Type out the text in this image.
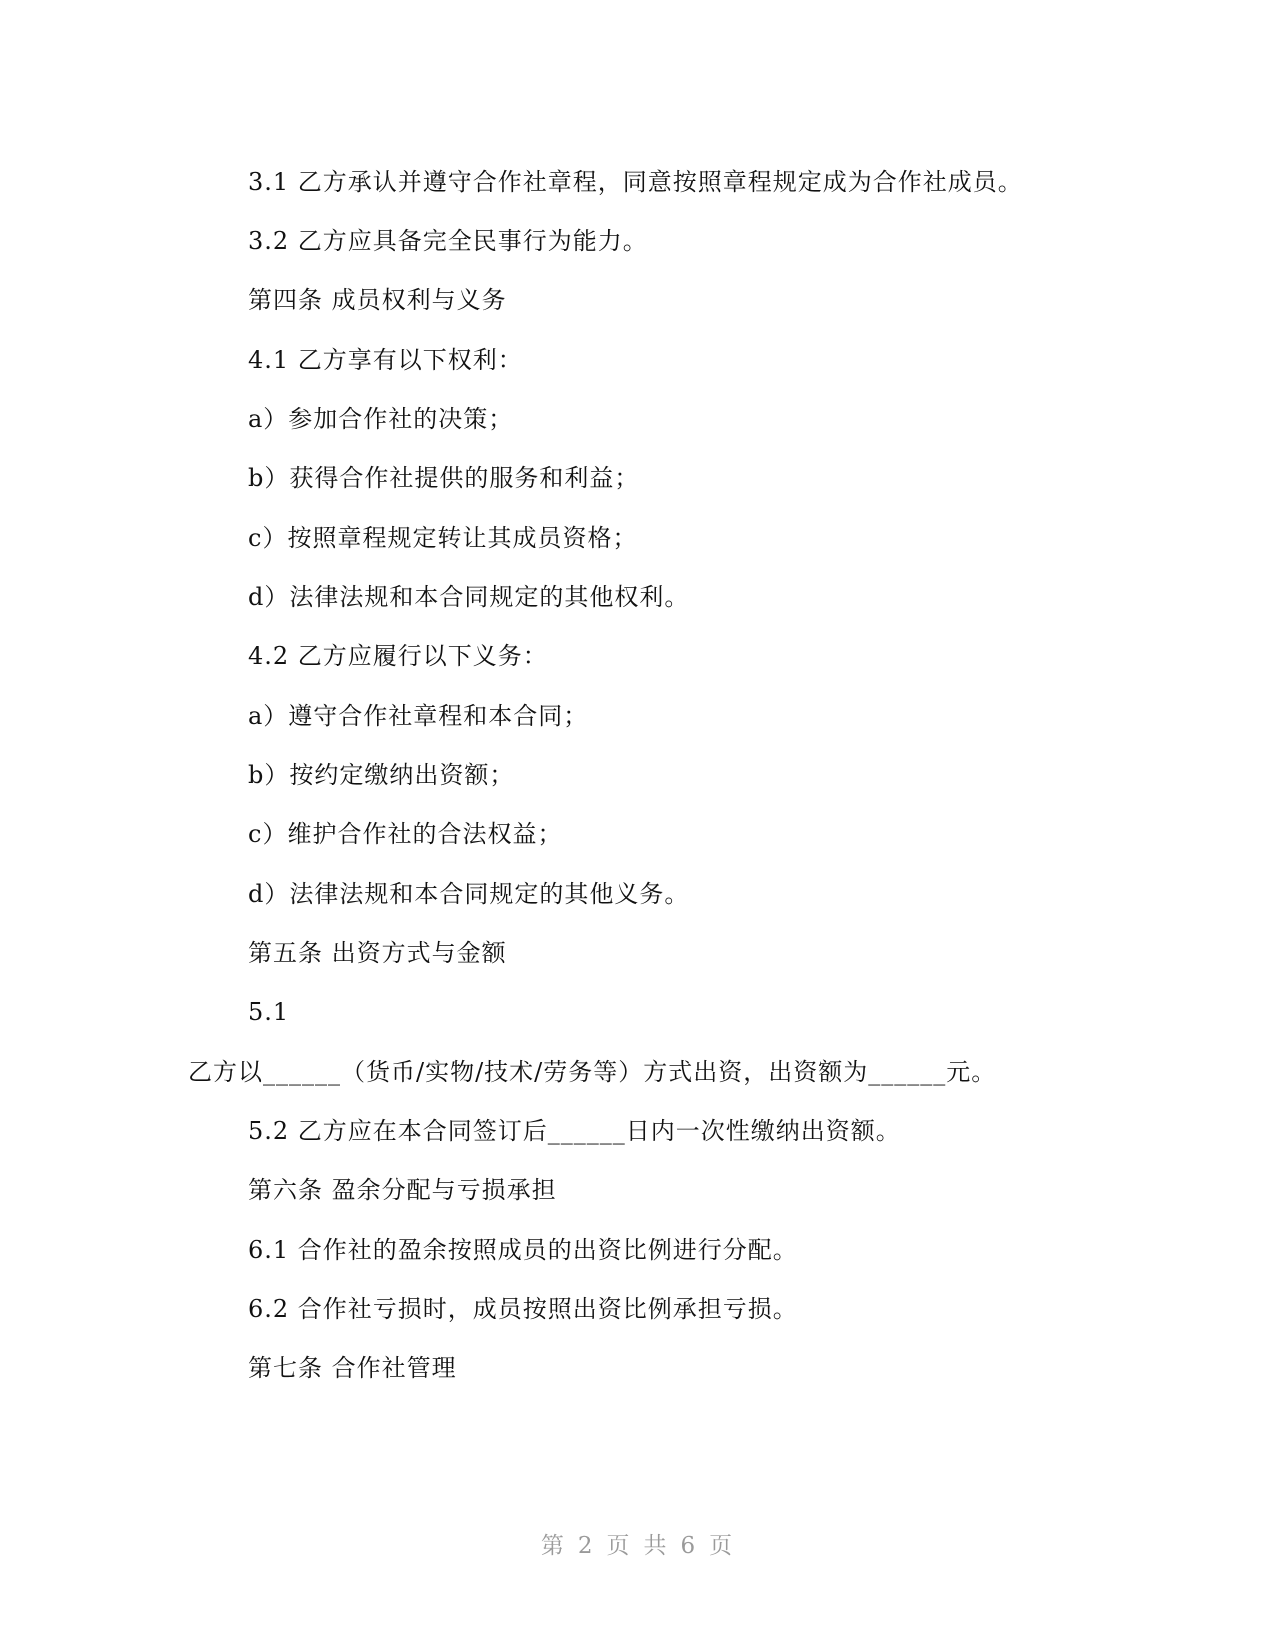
3.1 乙方承认并遵守合作社章程，同意按照章程规定成为合作社成员。
3.2 乙方应具备完全民事行为能力。
第四条 成员权利与义务
4.1 乙方享有以下权利：
a）参加合作社的决策；
b）获得合作社提供的服务和利益；
c）按照章程规定转让其成员资格；
d）法律法规和本合同规定的其他权利。
4.2 乙方应履行以下义务：
a）遵守合作社章程和本合同；
b）按约定缴纳出资额；
c）维护合作社的合法权益；
d）法律法规和本合同规定的其他义务。
第五条 出资方式与金额
5.1
乙方以______（货币/实物/技术/劳务等）方式出资，出资额为______元。
5.2 乙方应在本合同签订后______日内一次性缴纳出资额。
第六条 盈余分配与亏损承担
6.1 合作社的盈余按照成员的出资比例进行分配。
6.2 合作社亏损时，成员按照出资比例承担亏损。
第七条 合作社管理
第 2 页 共 6 页
